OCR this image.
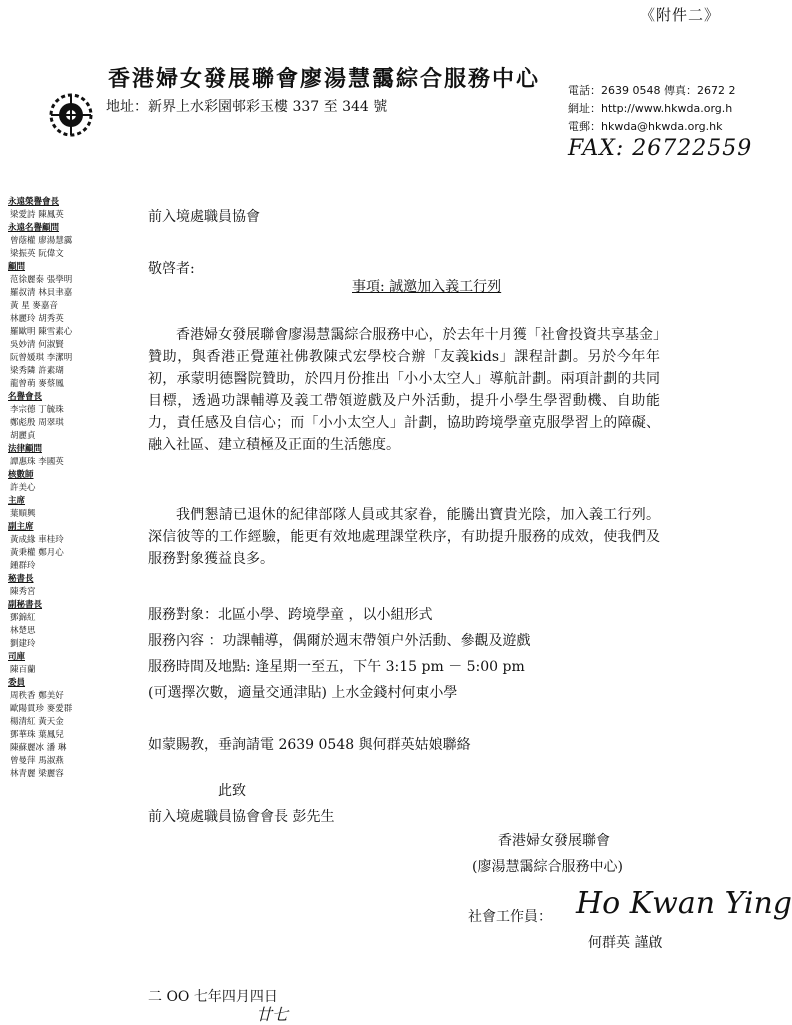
《附件二》
香港婦女發展聯會廖湯慧靄綜合服務中心
地址：新界上水彩園邨彩玉樓 337 至 344 號
電話：2639 0548 傳真：2672 2
網址：http://www.hkwda.org.h
電郵：hkwda@hkwda.org.hk
FAX: 26722559
永遠榮譽會長
梁愛詩 陳鳳英
永遠名譽顧問
曾蔭權 廖湯慧靄
梁振英 阮偉文
顧問
范徐麗泰 張學明
羅叔清 林貝聿嘉
黃 星 麥嘉音
林麗玲 胡秀英
羅歐明 陳雪素心
吳妙清 何淑賢
阮曾媛琪 李潔明
梁秀隣 許素瑚
龍曾萌 麥蔡鳳
名譽會長
李宗德 丁毓珠
鄭彪殷 周翠琪
胡麗貞
法律顧問
譚惠珠 李國英
核數師
許美心
主席
葉順興
副主席
黃成緣 車桂玲
黃秉權 鄭月心
鍾群玲
秘書長
陳秀宮
副秘書長
鄧錦紅
林楚思
劉建玲
司庫
陳百蘭
委員
周秩香 鄭美好
歐陽貫珍 麥愛群
楊清紅 黃天金
鄧華珠 葉鳳兒
陳蘇麗冰 潘 琳
曾曼萍 馬淑燕
林青麗 梁麗容
前入境處職員協會
敬啓者:
事項: 誠邀加入義工行列
香港婦女發展聯會廖湯慧靄綜合服務中心，於去年十月獲「社會投資共享基金」贊助，與香港正覺蓮社佛教陳式宏學校合辦「友義kids」課程計劃。另於今年年初，承蒙明德醫院贊助，於四月份推出「小小太空人」導航計劃。兩項計劃的共同目標，透過功課輔導及義工帶領遊戲及户外活動，提升小學生學習動機、自助能力，責任感及自信心；而「小小太空人」計劃，協助跨境學童克服學習上的障礙、融入社區、建立積極及正面的生活態度。
我們懇請已退休的紀律部隊人員或其家眷，能騰出寶貴光陰，加入義工行列。深信彼等的工作經驗，能更有效地處理課堂秩序，有助提升服務的成效，使我們及服務對象獲益良多。
服務對象：北區小學、跨境學童 ，以小組形式
服務內容 ：功課輔導，偶爾於週末帶領户外活動、參觀及遊戲
服務時間及地點: 逢星期一至五，下午 3:15 pm － 5:00 pm
(可選擇次數，適量交通津貼) 上水金錢村何東小學
如蒙賜教，垂詢請電 2639 0548 與何群英姑娘聯絡
此致
前入境處職員協會會長 彭先生
香港婦女發展聯會
(廖湯慧靄綜合服務中心)
社會工作員： Ho Kwan Ying
何群英 謹啟
二 OO 七年四月四日
廿七
